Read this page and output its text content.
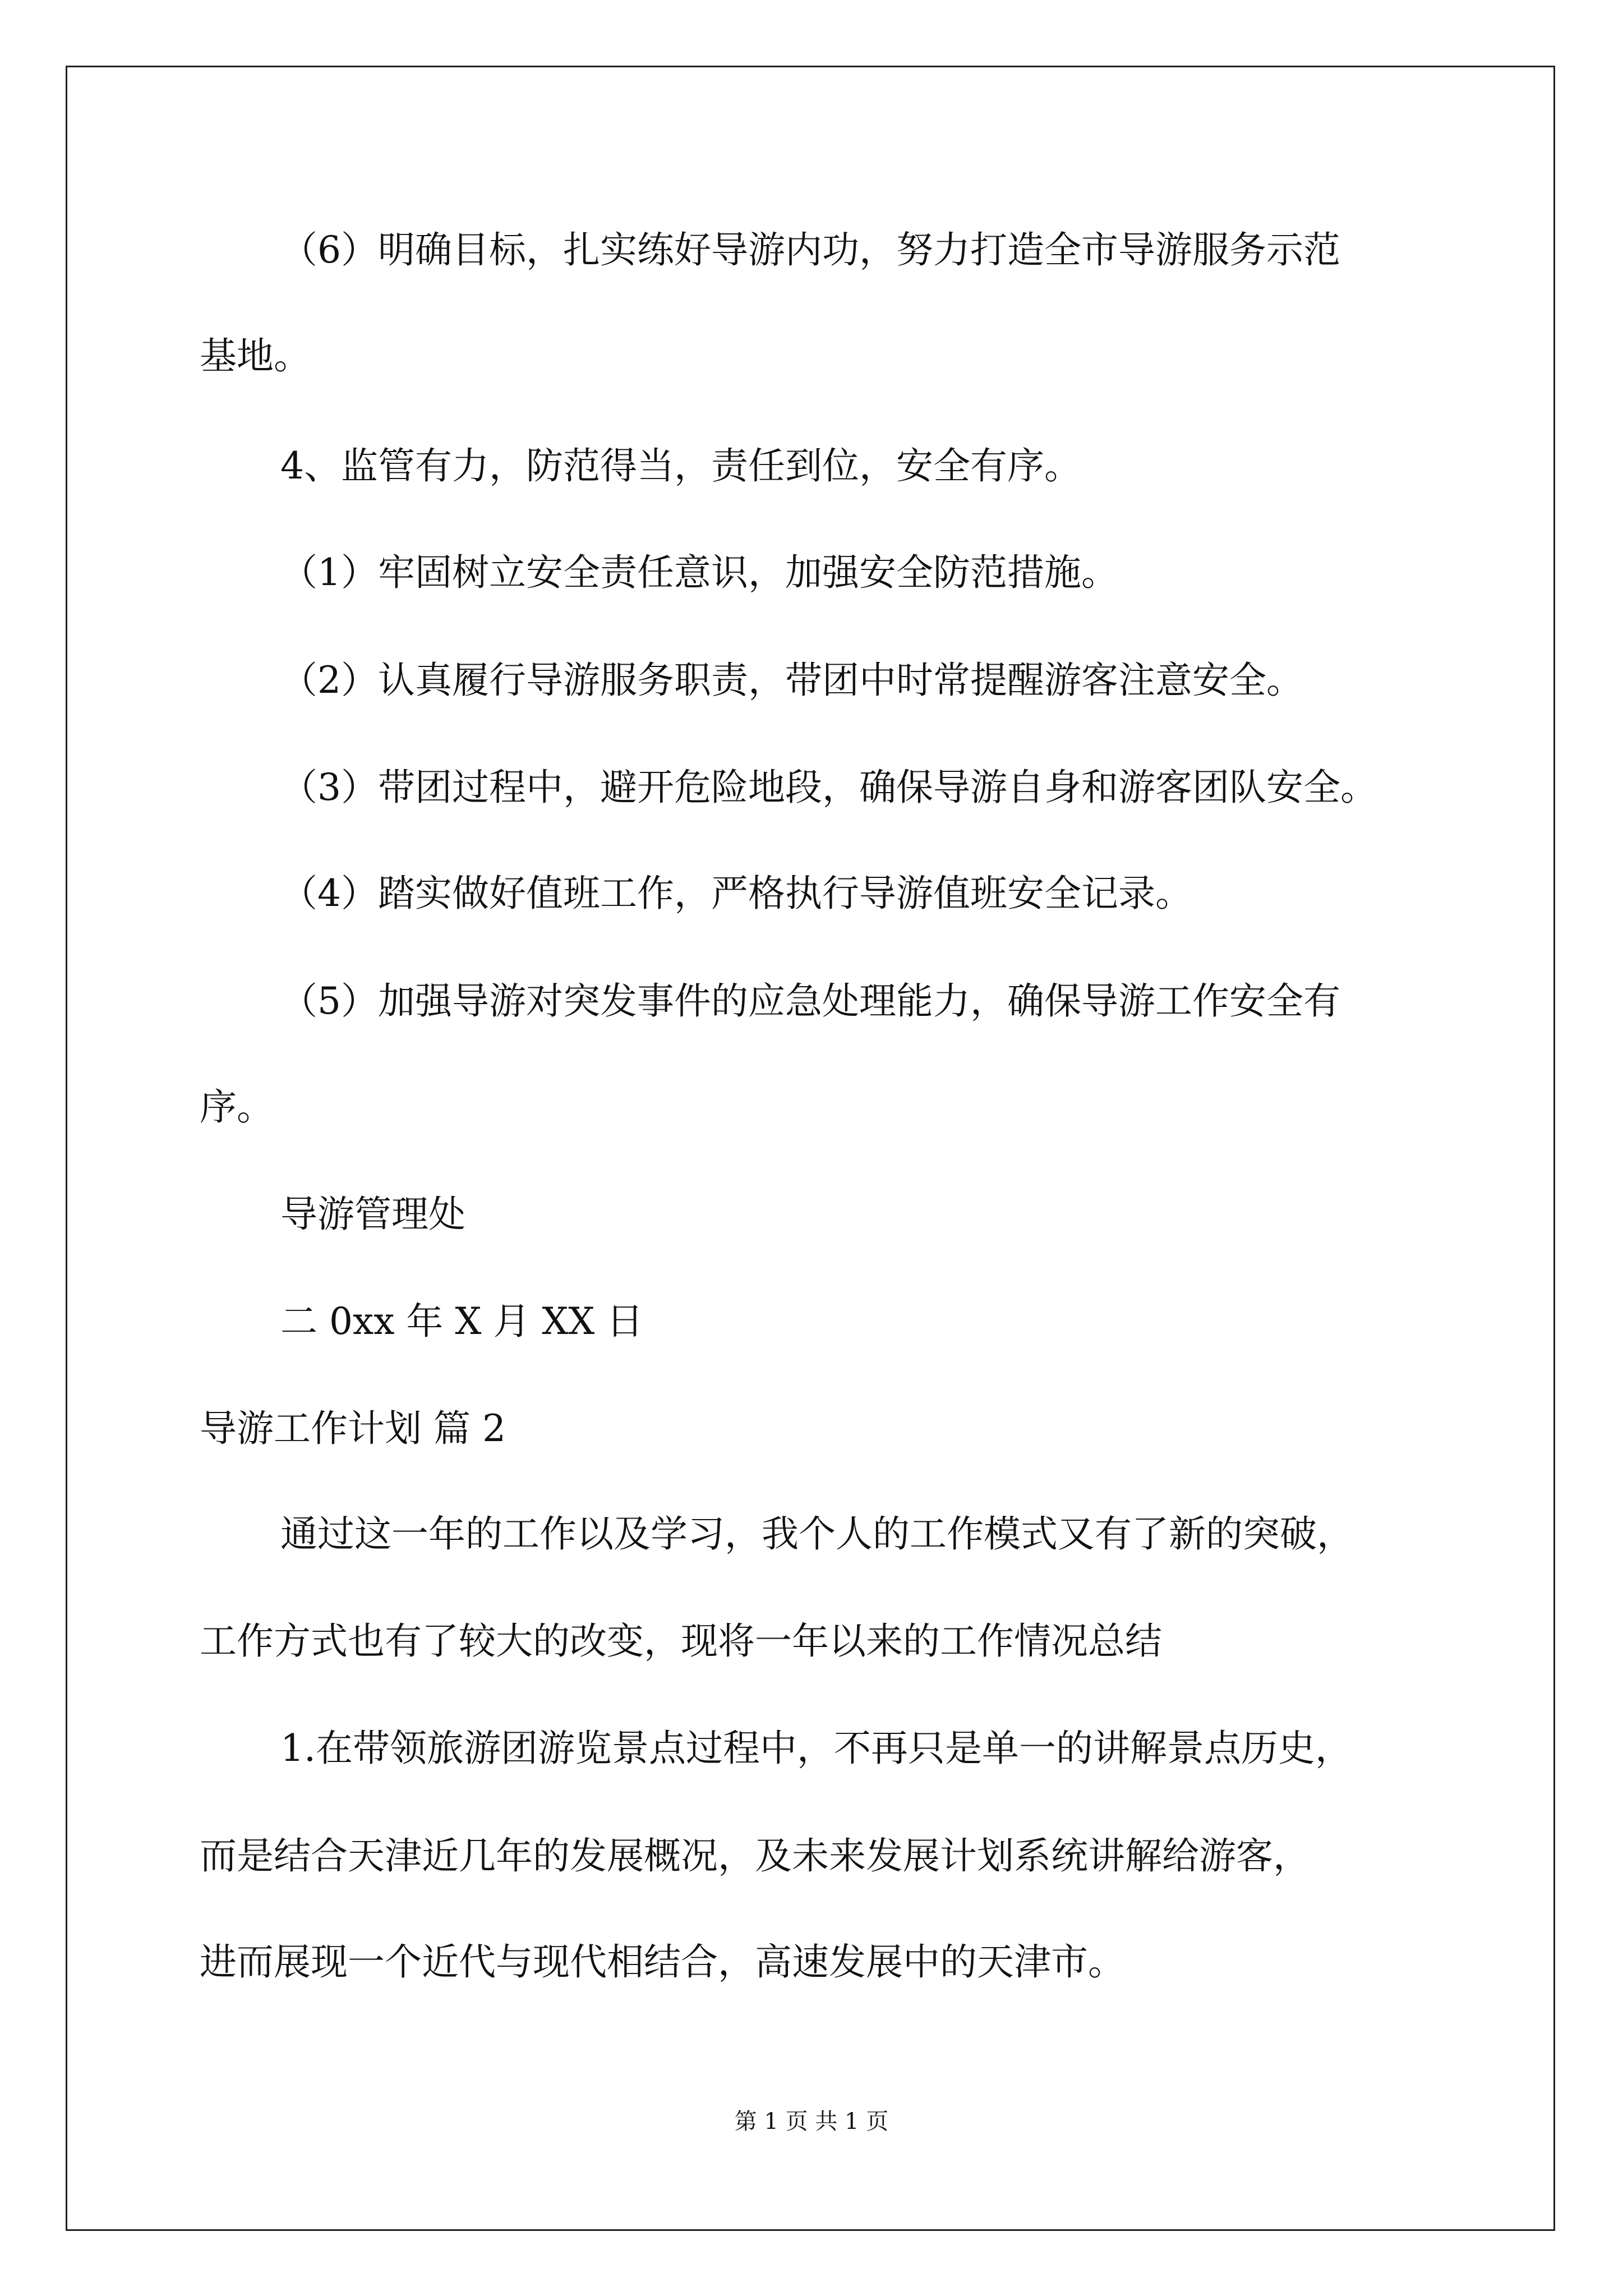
（6）明确目标，扎实练好导游内功，努力打造全市导游服务示范
基地。
4、监管有力，防范得当，责任到位，安全有序。
（1）牢固树立安全责任意识，加强安全防范措施。
（2）认真履行导游服务职责，带团中时常提醒游客注意安全。
（3）带团过程中，避开危险地段，确保导游自身和游客团队安全。
（4）踏实做好值班工作，严格执行导游值班安全记录。
（5）加强导游对突发事件的应急处理能力，确保导游工作安全有
序。
导游管理处
二 0xx 年 X 月 XX 日
导游工作计划 篇 2
通过这一年的工作以及学习，我个人的工作模式又有了新的突破，
工作方式也有了较大的改变，现将一年以来的工作情况总结
1.在带领旅游团游览景点过程中，不再只是单一的讲解景点历史，
而是结合天津近几年的发展概况，及未来发展计划系统讲解给游客，
进而展现一个近代与现代相结合，高速发展中的天津市。
第 1 页 共 1 页
